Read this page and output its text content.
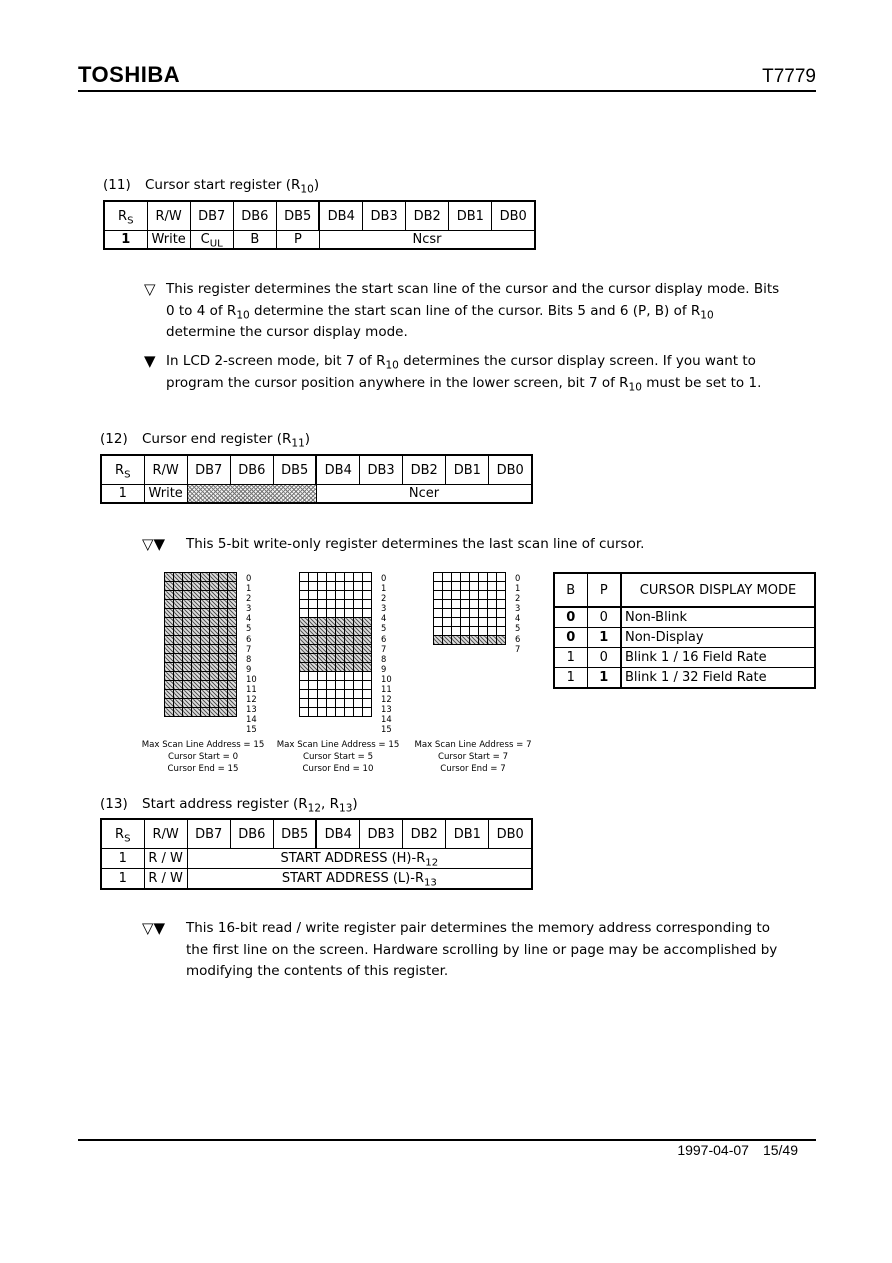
TOSHIBA	T7779
(11) Cursor start register $(R_{10})$
$R_S$	R/W	DB7	DB6	DB5	DB4	DB3	DB2	DB1	DB0
1	Write	$C_{UL}$	B	P	Ncsr				
▽ This register determines the start scan line of the cursor and the cursor display mode. Bits
0 to 4 of $R_{10}$ determine the start scan line of the cursor. Bits 5 and 6 (P, B) of $R_{10}$
determine the cursor display mode.
▼ In LCD 2-screen mode, bit 7 of $R_{10}$ determines the cursor display screen. If you want to
program the cursor position anywhere in the lower screen, bit 7 of $R_{10}$ must be set to 1.
(12) Cursor end register $(R_{11})$
$R_S$	R/W	DB7	DB6	DB5	DB4	DB3	DB2	DB1	DB0
1	Write				Ncer				
▽▼ This 5-bit write-only register determines the last scan line of cursor.

0
1
2
3
4
5
6
7
8
9
10
11
12
13
14
15
Max Scan Line Address = 15
Cursor Start = 0
Cursor End = 15

0
1
2
3
4
5
6
7
8
9
10
11
12
13
14
15
Max Scan Line Address = 15
Cursor Start = 5
Cursor End = 10

0
1
2
3
4
5
6
7
Max Scan Line Address = 7
Cursor Start = 7
Cursor End = 7
B	P	CURSOR DISPLAY MODE
0	0	Non-Blink
0	1	Non-Display
1	0	Blink 1 / 16 Field Rate
1	1	Blink 1 / 32 Field Rate
(13) Start address register ($R_{12}$, $R_{13}$)
$R_S$	R/W	DB7	DB6	DB5	DB4	DB3	DB2	DB1	DB0
1	R / W	START ADDRESS $(H)-R_{12}$
1	R / W	START ADDRESS $(L)-R_{13}$
▽▼ This 16-bit read / write register pair determines the memory address corresponding to
the first line on the screen. Hardware scrolling by line or page may be accomplished by
modifying the contents of this register.
1997-04-07 15/49
